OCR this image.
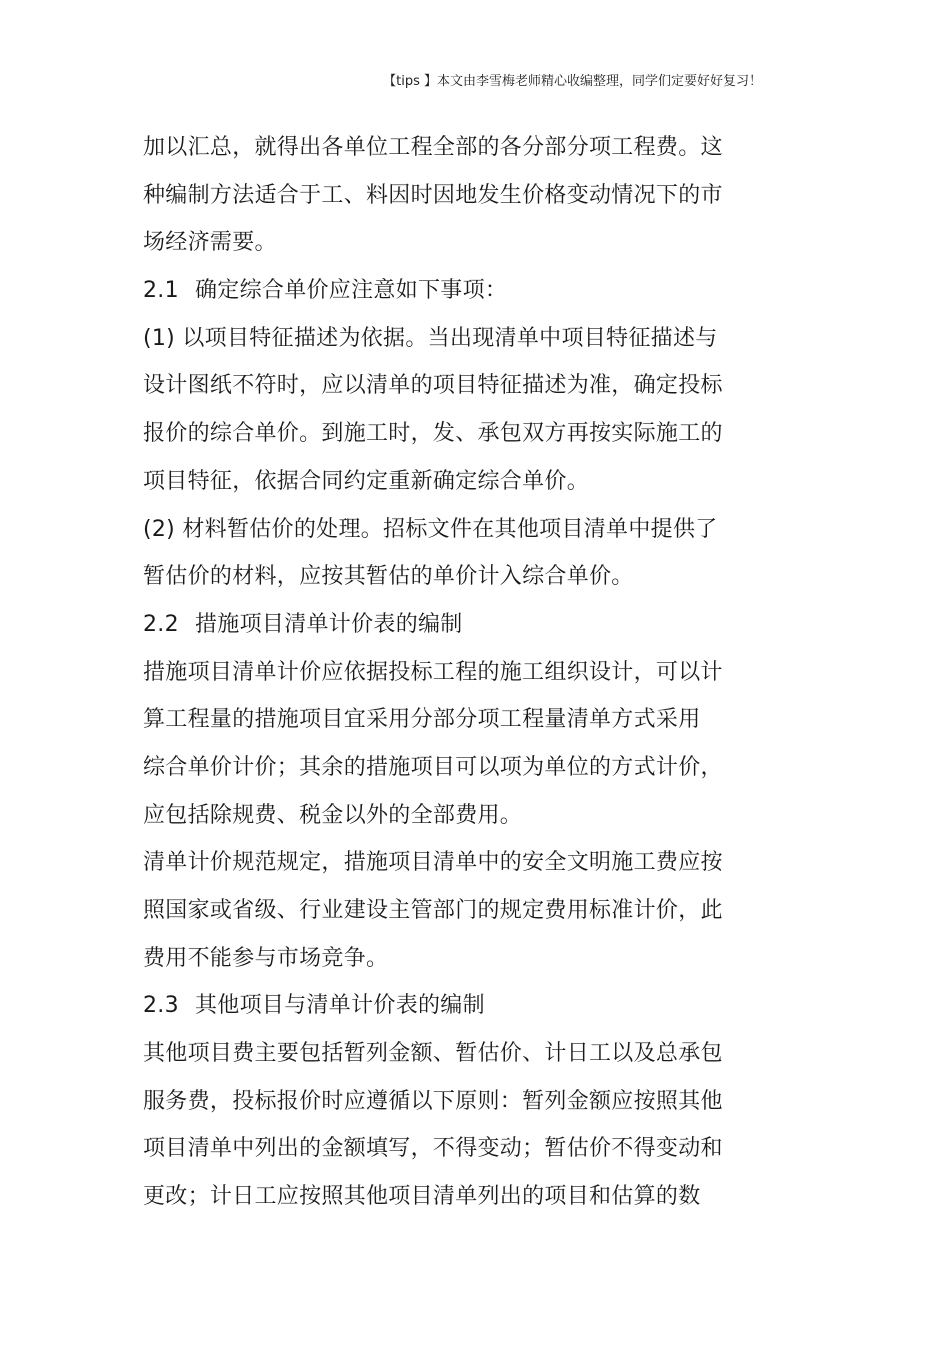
【tips 】本文由李雪梅老师精心收编整理，同学们定要好好复习！
加以汇总，就得出各单位工程全部的各分部分项工程费。这
种编制方法适合于工、料因时因地发生价格变动情况下的市
场经济需要。
2.1 确定综合单价应注意如下事项：
(1) 以项目特征描述为依据。当出现清单中项目特征描述与
设计图纸不符时，应以清单的项目特征描述为准，确定投标
报价的综合单价。到施工时，发、承包双方再按实际施工的
项目特征，依据合同约定重新确定综合单价。
(2) 材料暂估价的处理。招标文件在其他项目清单中提供了
暂估价的材料，应按其暂估的单价计入综合单价。
2.2 措施项目清单计价表的编制
措施项目清单计价应依据投标工程的施工组织设计，可以计
算工程量的措施项目宜采用分部分项工程量清单方式采用
综合单价计价；其余的措施项目可以项为单位的方式计价，
应包括除规费、税金以外的全部费用。
清单计价规范规定，措施项目清单中的安全文明施工费应按
照国家或省级、行业建设主管部门的规定费用标准计价，此
费用不能参与市场竞争。
2.3 其他项目与清单计价表的编制
其他项目费主要包括暂列金额、暂估价、计日工以及总承包
服务费，投标报价时应遵循以下原则：暂列金额应按照其他
项目清单中列出的金额填写，不得变动；暂估价不得变动和
更改；计日工应按照其他项目清单列出的项目和估算的数
